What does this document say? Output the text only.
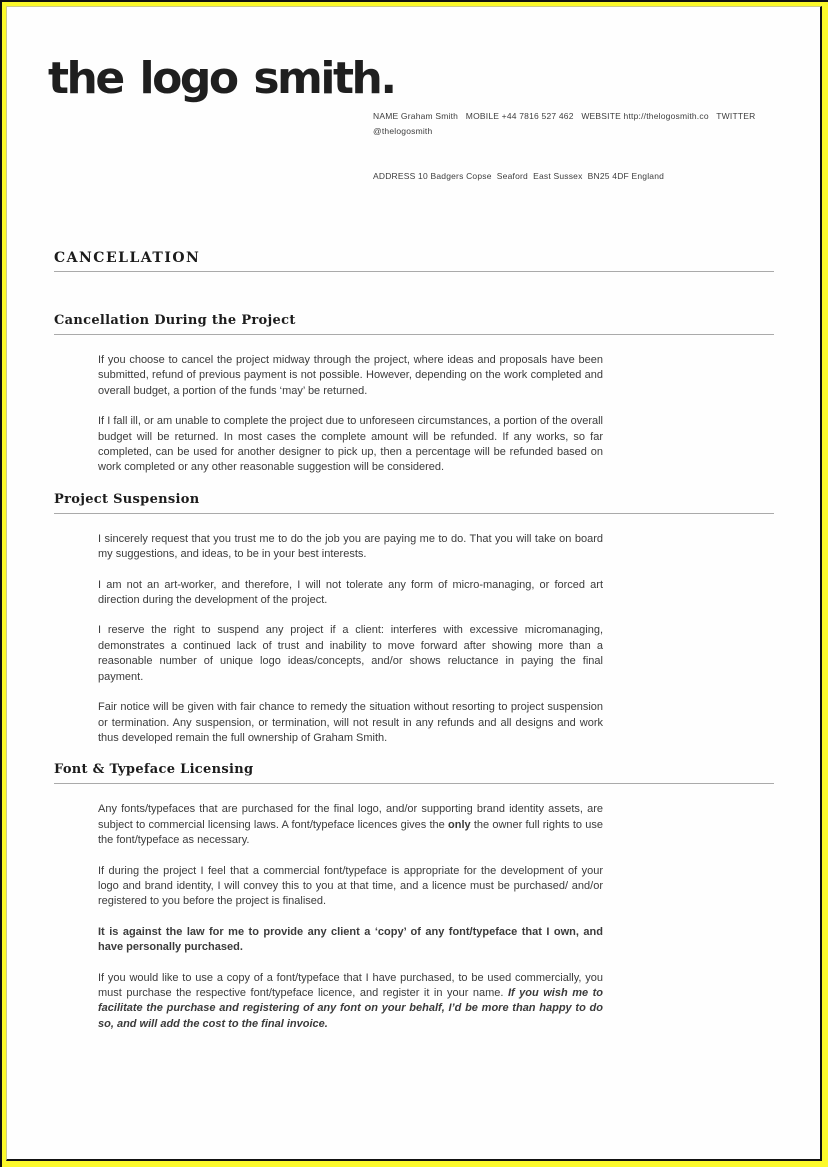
the logo smith.

NAME Graham Smith   MOBILE +44 7816 527 462   WEBSITE http://thelogosmith.co   TWITTER @thelogosmith

ADDRESS 10 Badgers Copse  Seaford  East Sussex  BN25 4DF England

CANCELLATION
Cancellation During the Project

If you choose to cancel the project midway through the project, where ideas and proposals have been submitted, refund of previous payment is not possible. However, depending on the work completed and overall budget, a portion of the funds ‘may’ be returned.

If I fall ill, or am unable to complete the project due to unforeseen circumstances, a portion of the overall budget will be returned. In most cases the complete amount will be refunded. If any works, so far completed, can be used for another designer to pick up, then a percentage will be refunded based on work completed or any other reasonable suggestion will be considered.

Project Suspension

I sincerely request that you trust me to do the job you are paying me to do. That you will take on board my suggestions, and ideas, to be in your best interests.

I am not an art-worker, and therefore, I will not tolerate any form of micro-managing, or forced art direction during the development of the project.

I reserve the right to suspend any project if a client: interferes with excessive micromanaging, demonstrates a continued lack of trust and inability to move forward after showing more than a reasonable number of unique logo ideas/concepts, and/or shows reluctance in paying the final payment.

Fair notice will be given with fair chance to remedy the situation without resorting to project suspension or termination. Any suspension, or termination, will not result in any refunds and all designs and work thus developed remain the full ownership of Graham Smith.

Font & Typeface Licensing

Any fonts/typefaces that are purchased for the final logo, and/or supporting brand identity assets, are subject to commercial licensing laws. A font/typeface licences gives the only the owner full rights to use the font/typeface as necessary.

If during the project I feel that a commercial font/typeface is appropriate for the development of your logo and brand identity, I will convey this to you at that time, and a licence must be purchased/ and/or registered to you before the project is finalised.

It is against the law for me to provide any client a ‘copy’ of any font/typeface that I own, and have personally purchased.

If you would like to use a copy of a font/typeface that I have purchased, to be used commercially, you must purchase the respective font/typeface licence, and register it in your name. If you wish me to facilitate the purchase and registering of any font on your behalf, I’d be more than happy to do so, and will add the cost to the final invoice.
